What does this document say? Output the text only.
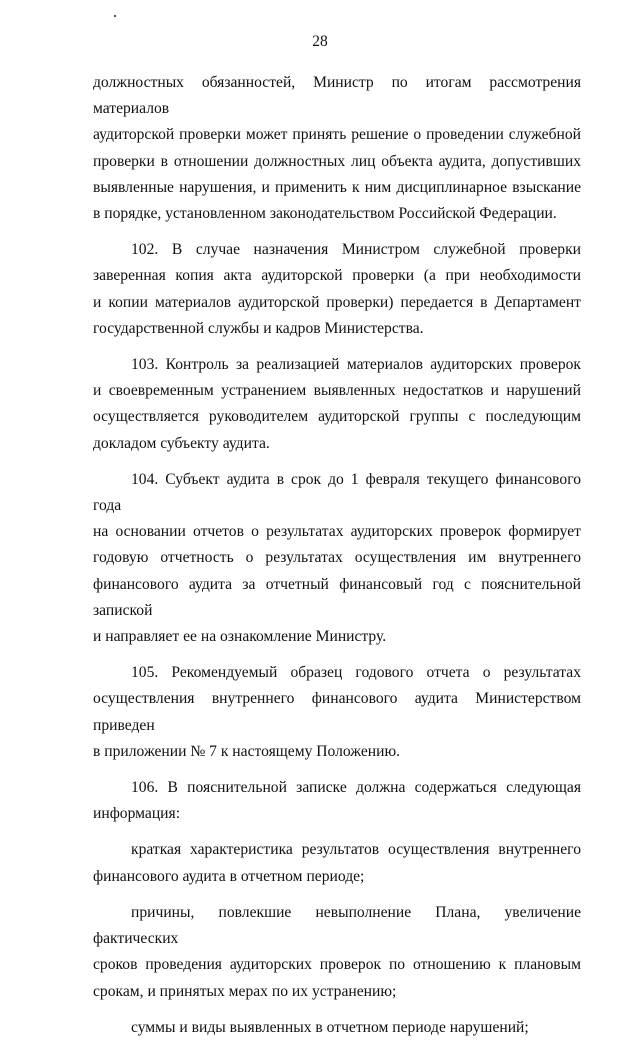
28

должностных обязанностей, Министр по итогам рассмотрения материалов

аудиторской проверки может принять решение о проведении служебной

проверки в отношении должностных лиц объекта аудита, допустивших

выявленные нарушения, и применить к ним дисциплинарное взыскание

в порядке, установленном законодательством Российской Федерации.

102. В случае назначения Министром служебной проверки

заверенная копия акта аудиторской проверки (а при необходимости

и копии материалов аудиторской проверки) передается в Департамент

государственной службы и кадров Министерства.

103. Контроль за реализацией материалов аудиторских проверок

и своевременным устранением выявленных недостатков и нарушений

осуществляется руководителем аудиторской группы с последующим

докладом субъекту аудита.

104. Субъект аудита в срок до 1 февраля текущего финансового года

на основании отчетов о результатах аудиторских проверок формирует

годовую отчетность о результатах осуществления им внутреннего

финансового аудита за отчетный финансовый год с пояснительной запиской

и направляет ее на ознакомление Министру.

105. Рекомендуемый образец годового отчета о результатах

осуществления внутреннего финансового аудита Министерством приведен

в приложении № 7 к настоящему Положению.

106. В пояснительной записке должна содержаться следующая

информация:

краткая характеристика результатов осуществления внутреннего

финансового аудита в отчетном периоде;

причины, повлекшие невыполнение Плана, увеличение фактических

сроков проведения аудиторских проверок по отношению к плановым

срокам, и принятых мерах по их устранению;

суммы и виды выявленных в отчетном периоде нарушений;
